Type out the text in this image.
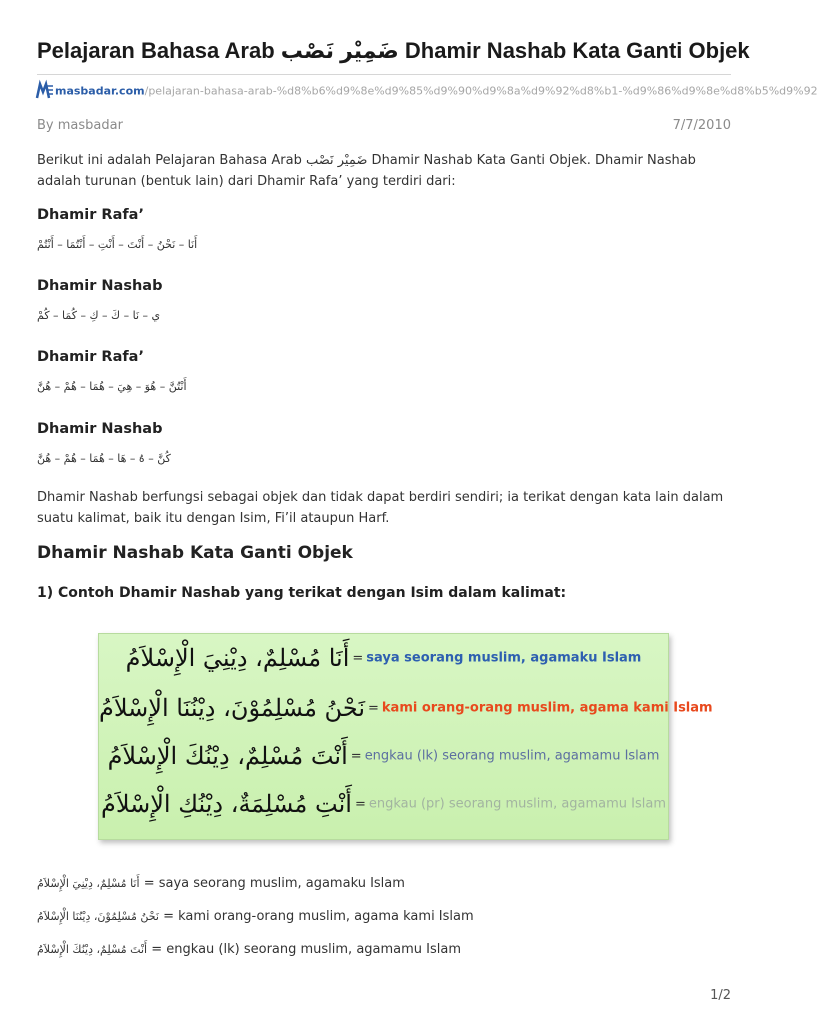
Pelajaran Bahasa Arab ضَمِيْر نَصْب Dhamir Nashab Kata Ganti Objek
masbadar.com/pelajaran-bahasa-arab-%d8%b6%d9%8e%d9%85%d9%90%d9%8a%d9%92%d8%b1-%d9%86%d9%8e%d8%b5%d9%92
By masbadar	7/7/2010
Berikut ini adalah Pelajaran Bahasa Arab ضَمِيْر نَصْب Dhamir Nashab Kata Ganti Objek. Dhamir Nashab adalah turunan (bentuk lain) dari Dhamir Rafa’ yang terdiri dari:
Dhamir Rafa’
أَنَا – نَحْنُ – أَنْتَ – أَنْتِ – أَنْتُمَا – أَنْتُمْ
Dhamir Nashab
ي – نَا – كَ – كِ – كُمَا – كُمْ
Dhamir Rafa’
أَنْتُنَّ – هُوَ – هِيَ – هُمَا – هُمْ – هُنَّ
Dhamir Nashab
كُنَّ – هُ – هَا – هُمَا – هُمْ – هُنَّ
Dhamir Nashab berfungsi sebagai objek dan tidak dapat berdiri sendiri; ia terikat dengan kata lain dalam suatu kalimat, baik itu dengan Isim, Fi’il ataupun Harf.
Dhamir Nashab Kata Ganti Objek
1) Contoh Dhamir Nashab yang terikat dengan Isim dalam kalimat:
أَنَا مُسْلِمٌ، دِيْنِيَ الْإِسْلاَمُ = saya seorang muslim, agamaku Islam
نَحْنُ مُسْلِمُوْنَ، دِيْنُنَا الْإِسْلاَمُ = kami orang-orang muslim, agama kami Islam
أَنْتَ مُسْلِمٌ، دِيْنُكَ الْإِسْلاَمُ = engkau (lk) seorang muslim, agamamu Islam
أَنْتِ مُسْلِمَةٌ، دِيْنُكِ الْإِسْلاَمُ = engkau (pr) seorang muslim, agamamu Islam
أَنَا مُسْلِمٌ، دِيْنِيَ الْإِسْلاَمُ = saya seorang muslim, agamaku Islam
نَحْنُ مُسْلِمُوْنَ، دِيْنُنَا الْإِسْلاَمُ = kami orang-orang muslim, agama kami Islam
أَنْتَ مُسْلِمٌ، دِيْنُكَ الْإِسْلاَمُ = engkau (lk) seorang muslim, agamamu Islam
1/2
